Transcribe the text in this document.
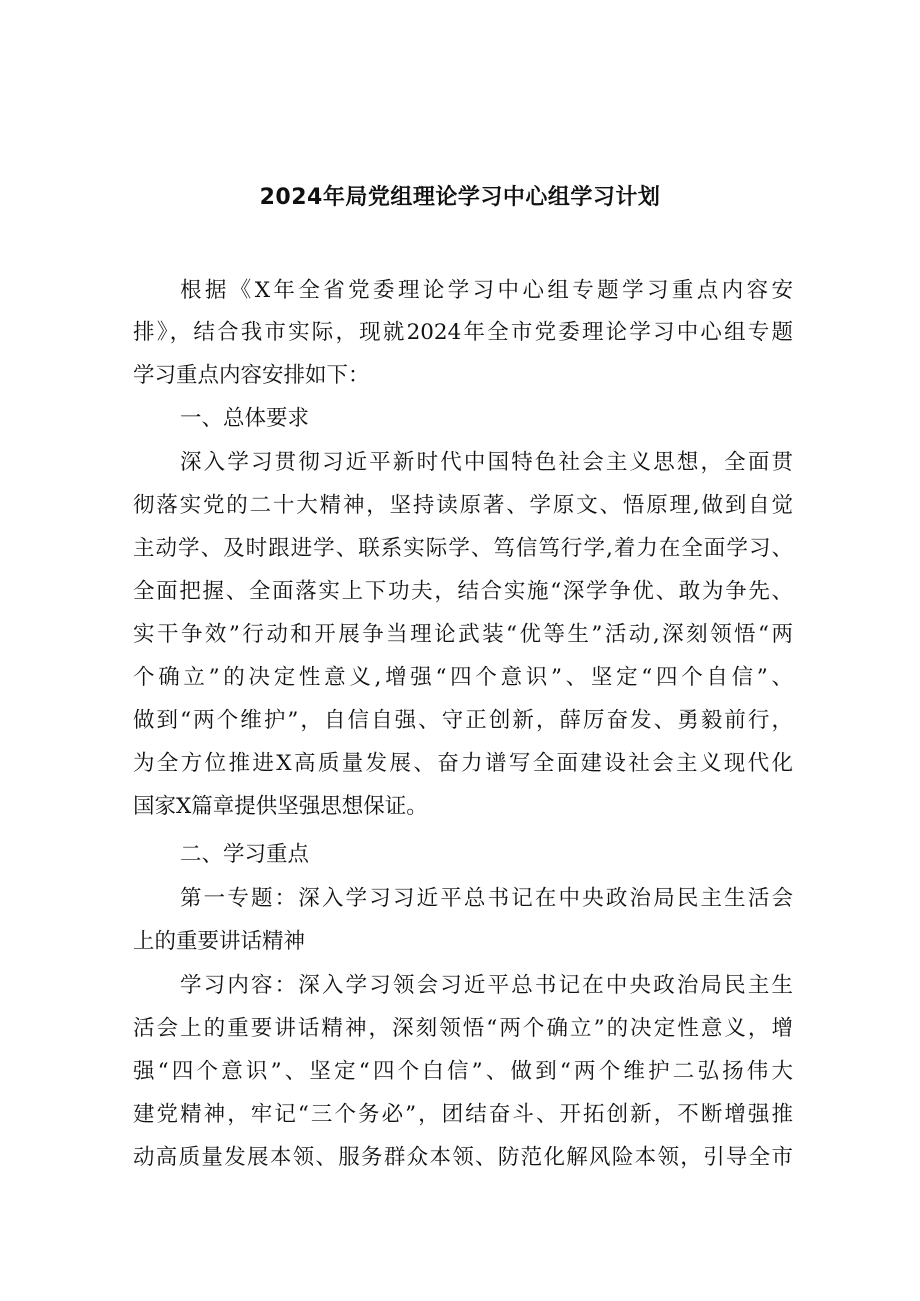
2024年局党组理论学习中心组学习计划
根据《X年全省党委理论学习中心组专题学习重点内容安
排》，结合我市实际，现就2024年全市党委理论学习中心组专题
学习重点内容安排如下：
一、总体要求
深入学习贯彻习近平新时代中国特色社会主义思想，全面贯
彻落实党的二十大精神，坚持读原著、学原文、悟原理,做到自觉
主动学、及时跟进学、联系实际学、笃信笃行学,着力在全面学习、
全面把握、全面落实上下功夫，结合实施“深学争优、敢为争先、
实干争效”行动和开展争当理论武装“优等生”活动,深刻领悟“两
个确立”的决定性意义,增强“四个意识”、坚定“四个自信”、
做到“两个维护”，自信自强、守正创新，薛厉奋发、勇毅前行，
为全方位推进X高质量发展、奋力谱写全面建设社会主义现代化
国家X篇章提供坚强思想保证。
二、学习重点
第一专题：深入学习习近平总书记在中央政治局民主生活会
上的重要讲话精神
学习内容：深入学习领会习近平总书记在中央政治局民主生
活会上的重要讲话精神，深刻领悟“两个确立”的决定性意义，增
强“四个意识”、坚定“四个白信”、做到“两个维护二弘扬伟大
建党精神，牢记“三个务必”，团结奋斗、开拓创新，不断增强推
动高质量发展本领、服务群众本领、防范化解风险本领，引导全市
